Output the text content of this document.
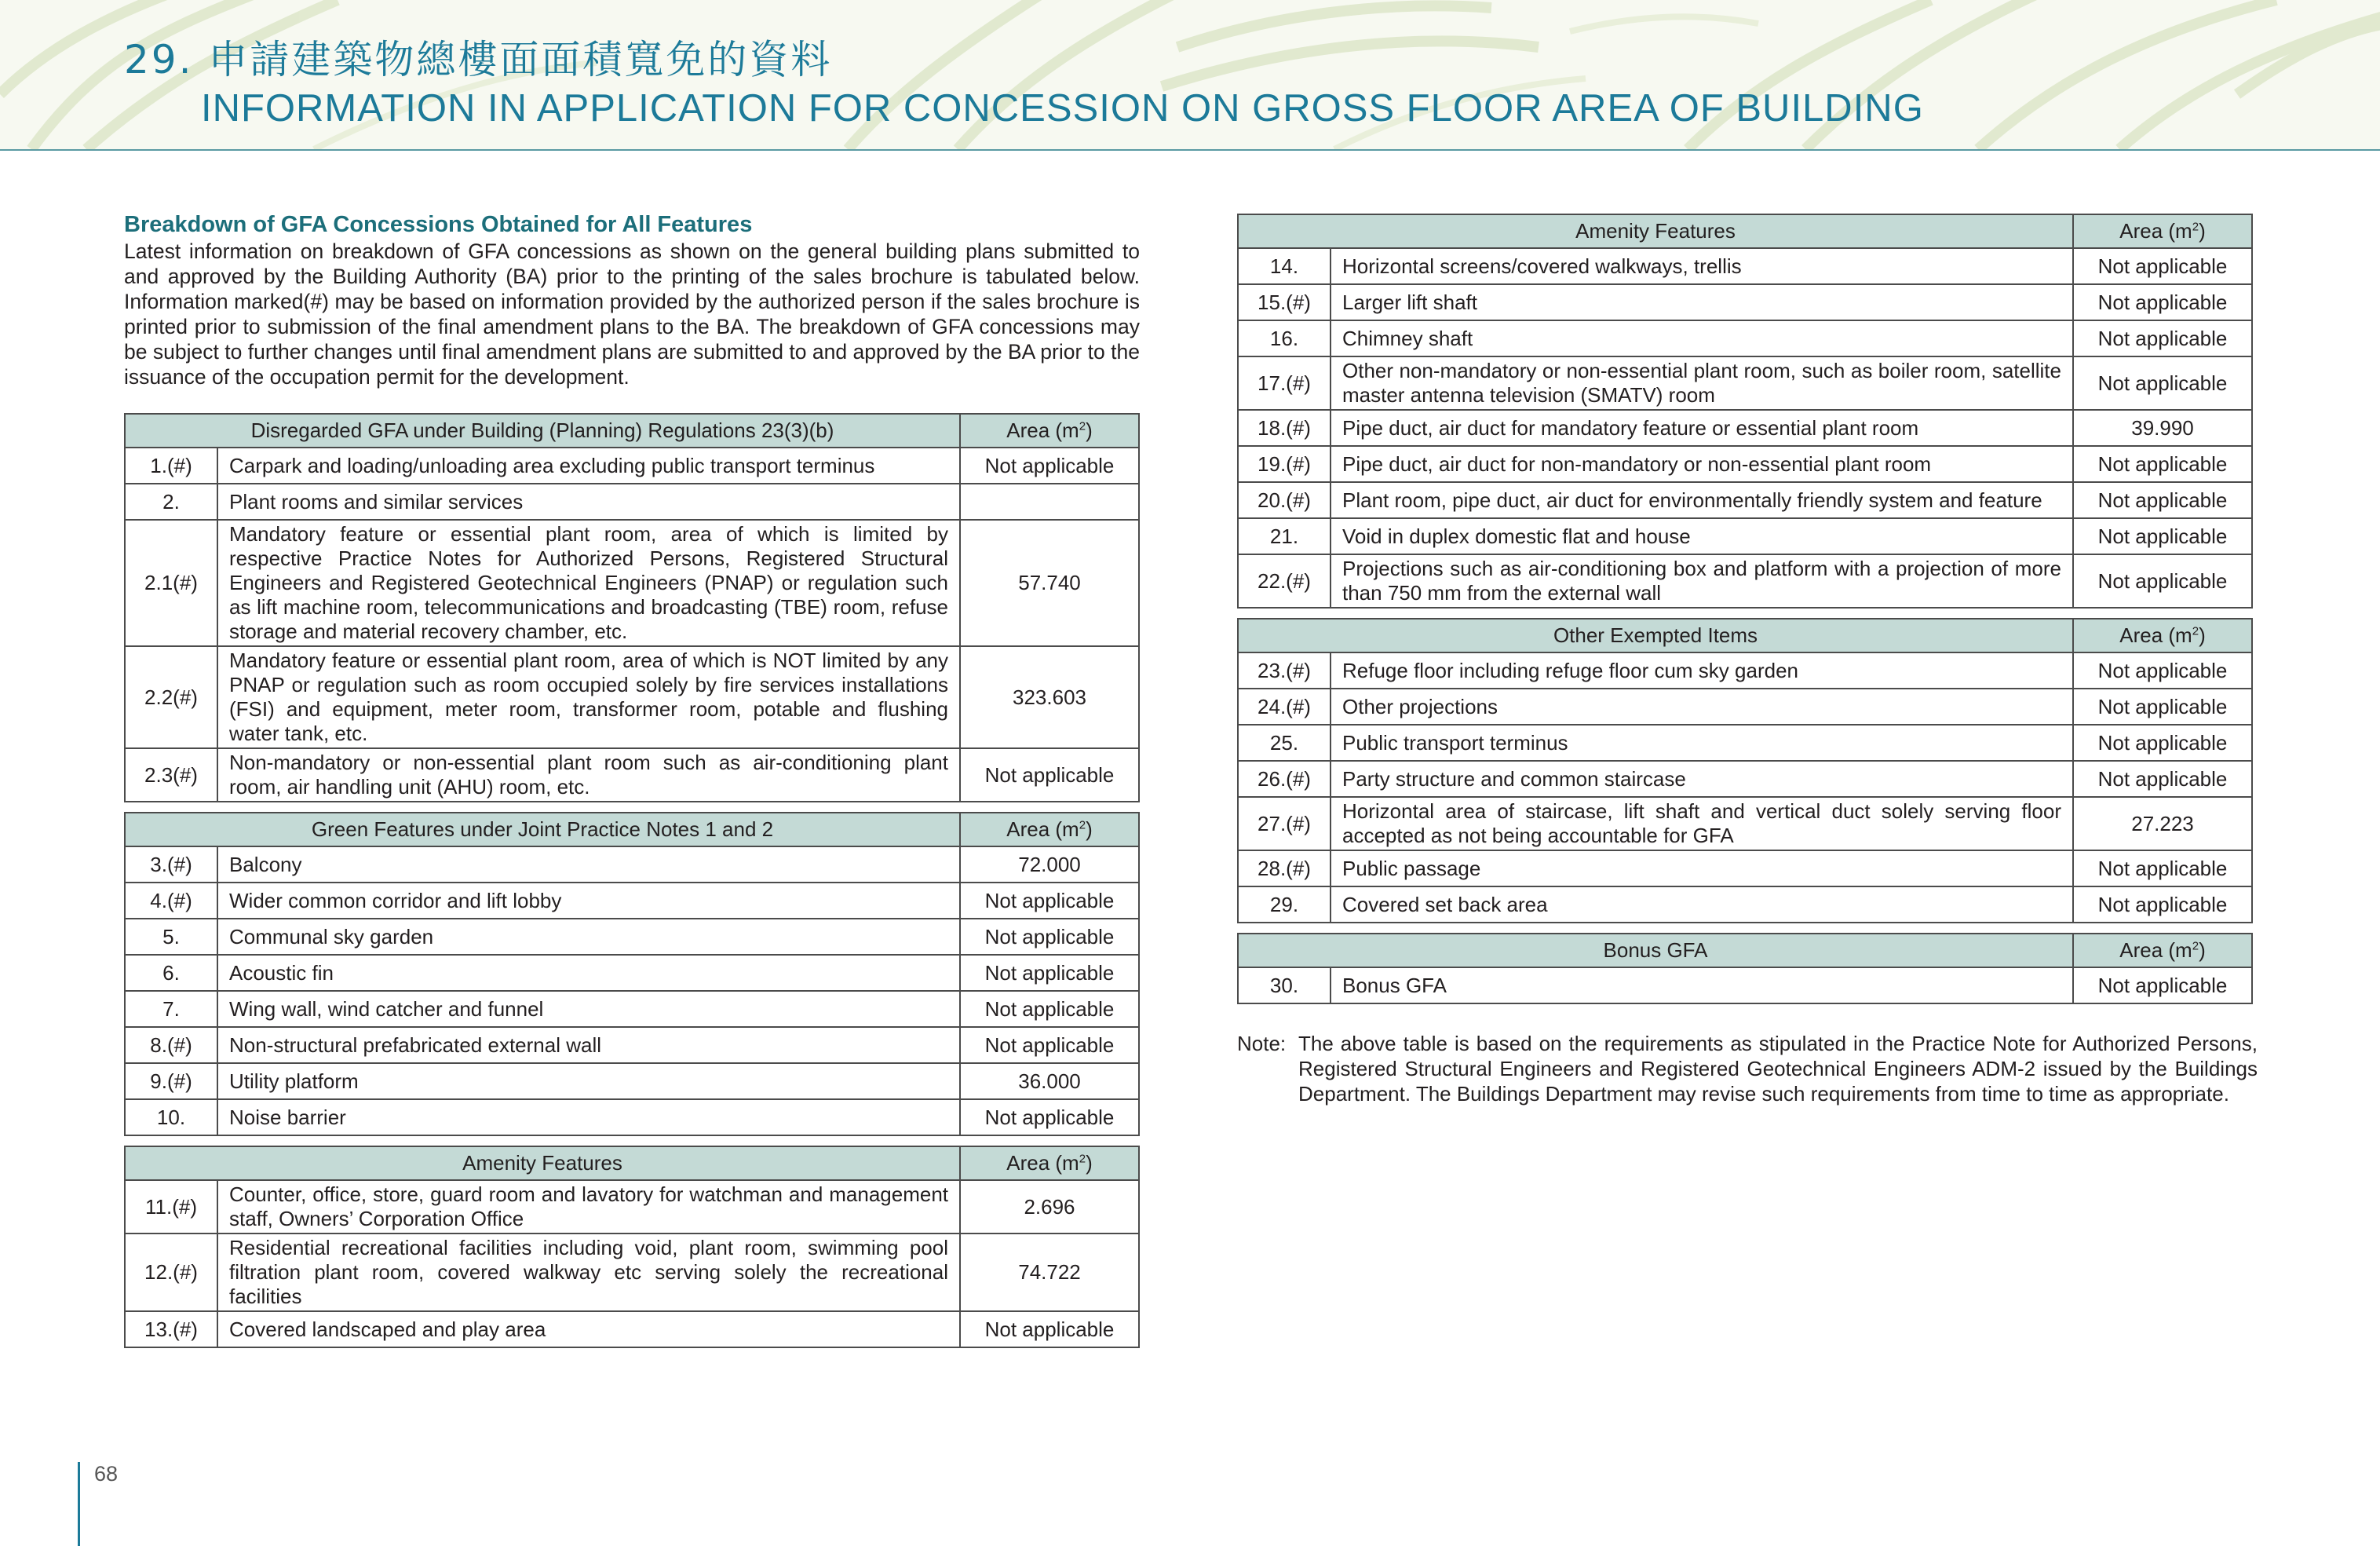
29. 申請建築物總樓面面積寬免的資料
INFORMATION IN APPLICATION FOR CONCESSION ON GROSS FLOOR AREA OF BUILDING
Breakdown of GFA Concessions Obtained for All Features
Latest information on breakdown of GFA concessions as shown on the general building plans submitted to and approved by the Building Authority (BA) prior to the printing of the sales brochure is tabulated below. Information marked(#) may be based on information provided by the authorized person if the sales brochure is printed prior to submission of the final amendment plans to the BA. The breakdown of GFA concessions may be subject to further changes until final amendment plans are submitted to and approved by the BA prior to the issuance of the occupation permit for the development.
Disregarded GFA under Building (Planning) Regulations 23(3)(b)		Area $(m^2)$
1.(#)	Carpark and loading/unloading area excluding public transport terminus	Not applicable
2.	Plant rooms and similar services	
2.1(#)	Mandatory feature or essential plant room, area of which is limited by respective Practice Notes for Authorized Persons, Registered Structural Engineers and Registered Geotechnical Engineers (PNAP) or regulation such as lift machine room, telecommunications and broadcasting (TBE) room, refuse storage and material recovery chamber, etc.	57.740
2.2(#)	Mandatory feature or essential plant room, area of which is NOT limited by any PNAP or regulation such as room occupied solely by fire services installations (FSI) and equipment, meter room, transformer room, potable and flushing water tank, etc.	323.603
2.3(#)	Non-mandatory or non-essential plant room such as air-conditioning plant room, air handling unit (AHU) room, etc.	Not applicable
Green Features under Joint Practice Notes 1 and 2		Area $(m^2)$
3.(#)	Balcony	72.000
4.(#)	Wider common corridor and lift lobby	Not applicable
5.	Communal sky garden	Not applicable
6.	Acoustic fin	Not applicable
7.	Wing wall, wind catcher and funnel	Not applicable
8.(#)	Non-structural prefabricated external wall	Not applicable
9.(#)	Utility platform	36.000
10.	Noise barrier	Not applicable
Amenity Features		Area $(m^2)$
11.(#)	Counter, office, store, guard room and lavatory for watchman and management staff, Owners’ Corporation Office	2.696
12.(#)	Residential recreational facilities including void, plant room, swimming pool filtration plant room, covered walkway etc serving solely the recreational facilities	74.722
13.(#)	Covered landscaped and play area	Not applicable
Amenity Features		Area $(m^2)$
14.	Horizontal screens/covered walkways, trellis	Not applicable
15.(#)	Larger lift shaft	Not applicable
16.	Chimney shaft	Not applicable
17.(#)	Other non-mandatory or non-essential plant room, such as boiler room, satellite master antenna television (SMATV) room	Not applicable
18.(#)	Pipe duct, air duct for mandatory feature or essential plant room	39.990
19.(#)	Pipe duct, air duct for non-mandatory or non-essential plant room	Not applicable
20.(#)	Plant room, pipe duct, air duct for environmentally friendly system and feature	Not applicable
21.	Void in duplex domestic flat and house	Not applicable
22.(#)	Projections such as air-conditioning box and platform with a projection of more than 750 mm from the external wall	Not applicable
Other Exempted Items		Area $(m^2)$
23.(#)	Refuge floor including refuge floor cum sky garden	Not applicable
24.(#)	Other projections	Not applicable
25.	Public transport terminus	Not applicable
26.(#)	Party structure and common staircase	Not applicable
27.(#)	Horizontal area of staircase, lift shaft and vertical duct solely serving floor accepted as not being accountable for GFA	27.223
28.(#)	Public passage	Not applicable
29.	Covered set back area	Not applicable
Bonus GFA		Area $(m^2)$
30.	Bonus GFA	Not applicable
Note: The above table is based on the requirements as stipulated in the Practice Note for Authorized Persons, Registered Structural Engineers and Registered Geotechnical Engineers ADM-2 issued by the Buildings Department. The Buildings Department may revise such requirements from time to time as appropriate.
68
